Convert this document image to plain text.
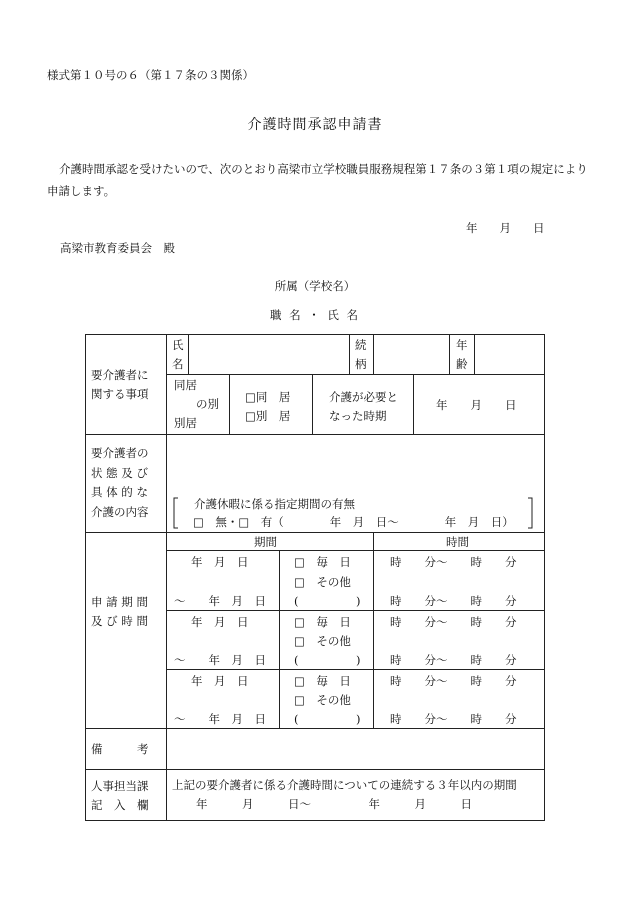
様式第１０号の６（第１７条の３関係）
介護時間承認申請書
介護時間承認を受けたいので、次のとおり高梁市立学校職員服務規程第１７条の３第１項の規定により申請します。
年 月 日
高梁市教育委員会　殿
所属（学校名）
職 名 ・ 氏 名
要介護者に
関する事項
氏
名
続
柄
年
齢
同居
の別
別居
□同　居
□別　居
介護が必要と
なった時期
年　　月　　日
要介護者の
状 態 及 び
具 体 的 な
介護の内容
介護休暇に係る指定期間の有無
□　無・□　有（　　　　年　月　日～　　　　年　月　日）
申 請 期 間
及 び 時 間
期間	時間
年　月　日
～　　年　月　日
□　毎　日
□　その他
(　　　　　)
時　　分～　　時　　分
時　　分～　　時　　分
年　月　日
～　　年　月　日
□　毎　日
□　その他
(　　　　　)
時　　分～　　時　　分
時　　分～　　時　　分
年　月　日
～　　年　月　日
□　毎　日
□　その他
(　　　　　)
時　　分～　　時　　分
時　　分～　　時　　分
備　　　考
人事担当課
記　入　欄
上記の要介護者に係る介護時間についての連続する３年以内の期間
年　　　月　　　日～　　　　　年　　　月　　　日
